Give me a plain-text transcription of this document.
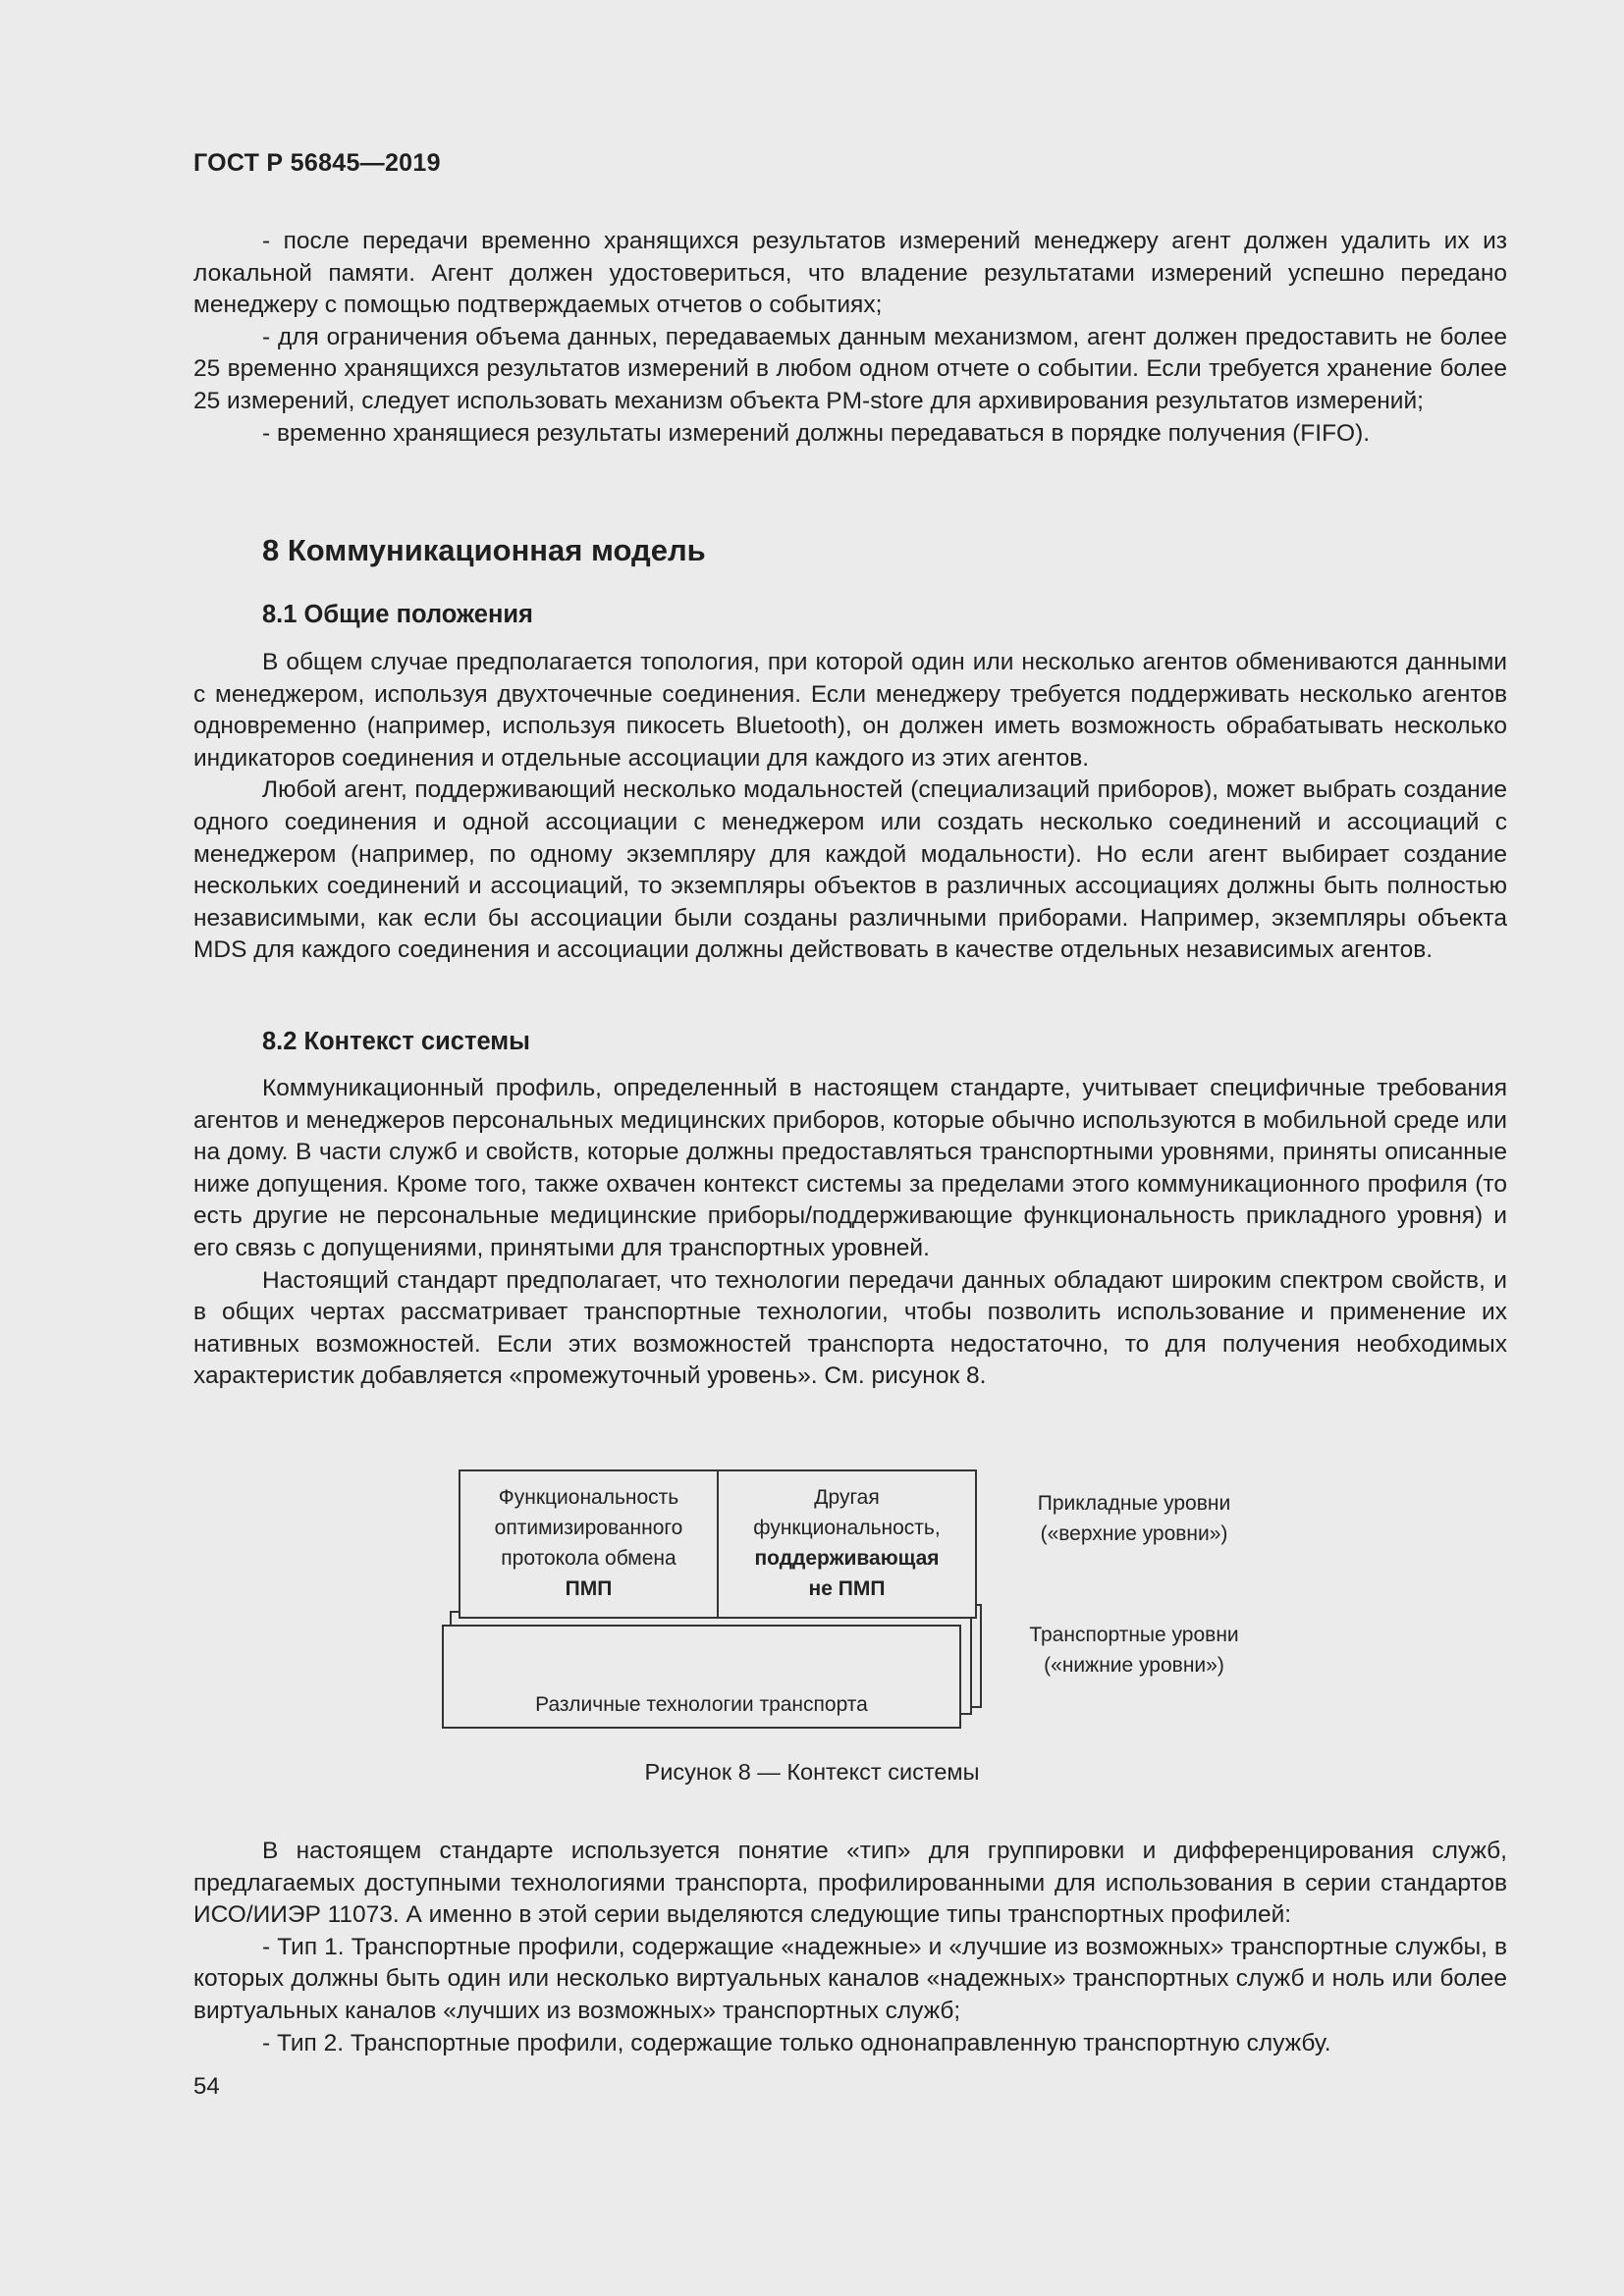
ГОСТ Р 56845—2019

- после передачи временно хранящихся результатов измерений менеджеру агент должен удалить их из локальной памяти. Агент должен удостовериться, что владение результатами измерений успешно передано менеджеру с помощью подтверждаемых отчетов о событиях;

- для ограничения объема данных, передаваемых данным механизмом, агент должен предоставить не более 25 временно хранящихся результатов измерений в любом одном отчете о событии. Если требуется хранение более 25 измерений, следует использовать механизм объекта PM-store для архивирования результатов измерений;

- временно хранящиеся результаты измерений должны передаваться в порядке получения (FIFO).

8 Коммуникационная модель
8.1 Общие положения

В общем случае предполагается топология, при которой один или несколько агентов обмениваются данными с менеджером, используя двухточечные соединения. Если менеджеру требуется поддерживать несколько агентов одновременно (например, используя пикосеть Bluetooth), он должен иметь возможность обрабатывать несколько индикаторов соединения и отдельные ассоциации для каждого из этих агентов.

Любой агент, поддерживающий несколько модальностей (специализаций приборов), может выбрать создание одного соединения и одной ассоциации с менеджером или создать несколько соединений и ассоциаций с менеджером (например, по одному экземпляру для каждой модальности). Но если агент выбирает создание нескольких соединений и ассоциаций, то экземпляры объектов в различных ассоциациях должны быть полностью независимыми, как если бы ассоциации были созданы различными приборами. Например, экземпляры объекта MDS для каждого соединения и ассоциации должны действовать в качестве отдельных независимых агентов.

8.2 Контекст системы

Коммуникационный профиль, определенный в настоящем стандарте, учитывает специфичные требования агентов и менеджеров персональных медицинских приборов, которые обычно используются в мобильной среде или на дому. В части служб и свойств, которые должны предоставляться транспортными уровнями, приняты описанные ниже допущения. Кроме того, также охвачен контекст системы за пределами этого коммуникационного профиля (то есть другие не персональные медицинские приборы/поддерживающие функциональность прикладного уровня) и его связь с допущениями, принятыми для транспортных уровней.

Настоящий стандарт предполагает, что технологии передачи данных обладают широким спектром свойств, и в общих чертах рассматривает транспортные технологии, чтобы позволить использование и применение их нативных возможностей. Если этих возможностей транспорта недостаточно, то для получения необходимых характеристик добавляется «промежуточный уровень». См. рисунок 8.

Функциональность
оптимизированного
протокола обмена
ПМП
Другая
функциональность,
поддерживающая
не ПМП
Прикладные уровни
(«верхние уровни»)
Различные технологии транспорта
Транспортные уровни
(«нижние уровни»)
Рисунок 8 — Контекст системы

В настоящем стандарте используется понятие «тип» для группировки и дифференцирования служб, предлагаемых доступными технологиями транспорта, профилированными для использования в серии стандартов ИСО/ИИЭР 11073. А именно в этой серии выделяются следующие типы транспортных профилей:

- Тип 1. Транспортные профили, содержащие «надежные» и «лучшие из возможных» транспортные службы, в которых должны быть один или несколько виртуальных каналов «надежных» транспортных служб и ноль или более виртуальных каналов «лучших из возможных» транспортных служб;

- Тип 2. Транспортные профили, содержащие только однонаправленную транспортную службу.

54
